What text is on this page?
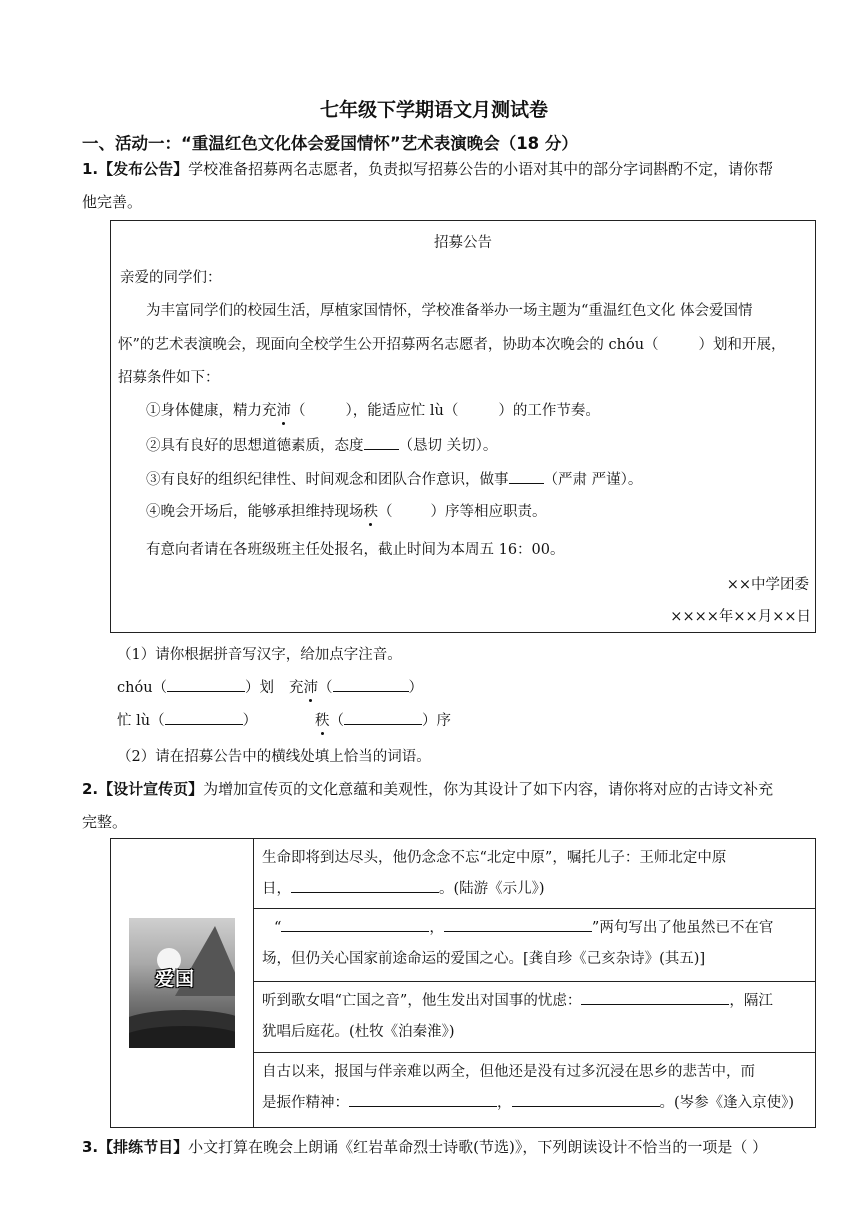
七年级下学期语文月测试卷
一、活动一：“重温红色文化体会爱国情怀”艺术表演晚会（18 分）
1.【发布公告】学校准备招募两名志愿者，负责拟写招募公告的小语对其中的部分字词斟酌不定，请你帮
他完善。
招募公告
亲爱的同学们：
为丰富同学们的校园生活，厚植家国情怀，学校准备举办一场主题为“重温红色文化 体会爱国情
怀”的艺术表演晚会，现面向全校学生公开招募两名志愿者，协助本次晚会的 chóu（	）划和开展，
招募条件如下：
①身体健康，精力充沛（	），能适应忙 lù（	）的工作节奏。
②具有良好的思想道德素质，态度 （恳切 关切）。
③有良好的组织纪律性、时间观念和团队合作意识，做事 （严肃 严谨）。
④晚会开场后，能够承担维持现场秩（	）序等相应职责。
有意向者请在各班级班主任处报名，截止时间为本周五 16：00。
××中学团委
××××年××月××日
（1）请你根据拼音写汉字，给加点字注音。
chóu（	）划 充沛（	）
忙 lù（	）	秩（	）序
（2）请在招募公告中的横线处填上恰当的词语。
2.【设计宣传页】为增加宣传页的文化意蕴和美观性，你为其设计了如下内容，请你将对应的古诗文补充
完整。
爱国

生命即将到达尽头，他仍念念不忘“北定中原”，嘱托儿子：王师北定中原
日，	。(陆游《示儿》)

“	，	”两句写出了他虽然已不在官
场，但仍关心国家前途命运的爱国之心。[龚自珍《己亥杂诗》(其五)]

听到歌女唱“亡国之音”，他生发出对国事的忧虑：	，隔江
犹唱后庭花。(杜牧《泊秦淮》)

自古以来，报国与伴亲难以两全，但他还是没有过多沉浸在思乡的悲苦中，而
是振作精神：	，	。(岑参《逢入京使》)
3.【排练节目】小文打算在晚会上朗诵《红岩革命烈士诗歌(节选)》，下列朗读设计不恰当的一项是（ ）
